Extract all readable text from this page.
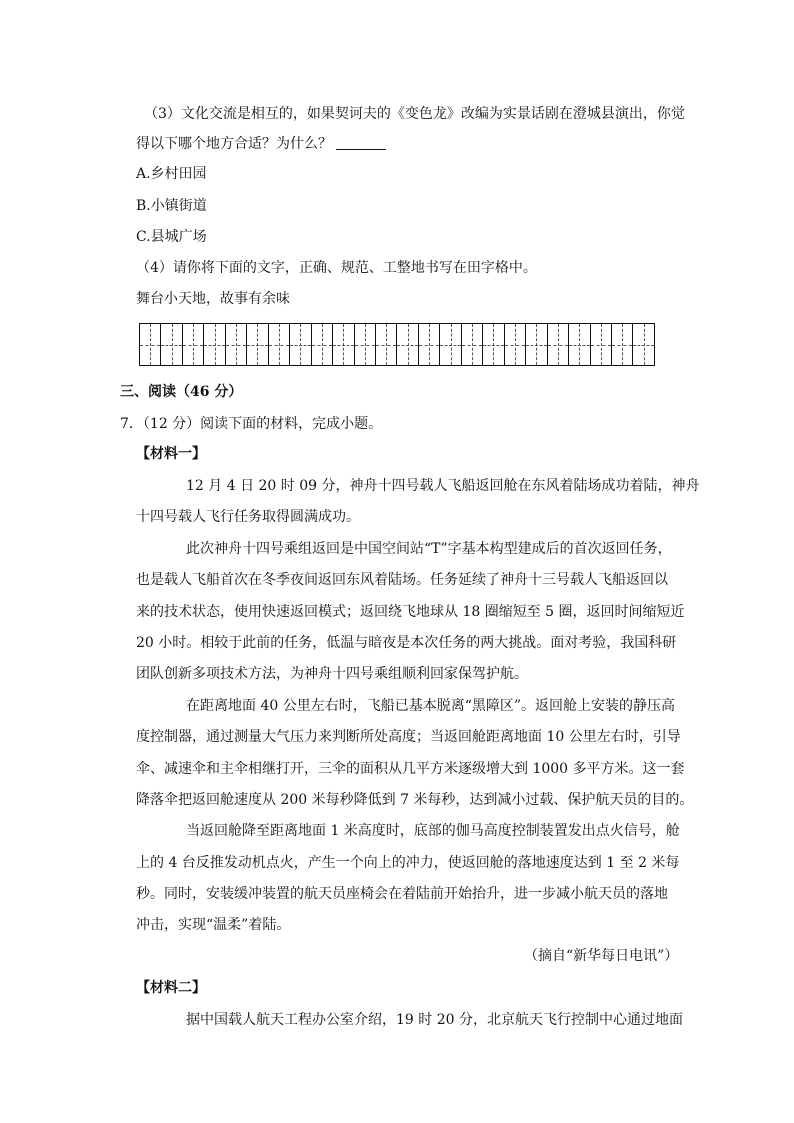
（3）文化交流是相互的，如果契诃夫的《变色龙》改编为实景话剧在澄城县演出，你觉
得以下哪个地方合适？为什么？
A.乡村田园
B.小镇街道
C.县城广场
（4）请你将下面的文字，正确、规范、工整地书写在田字格中。
舞台小天地，故事有余味
三、阅读（46 分）
7．（12 分）阅读下面的材料，完成小题。
【材料一】
12 月 4 日 20 时 09 分，神舟十四号载人飞船返回舱在东风着陆场成功着陆，神舟
十四号载人飞行任务取得圆满成功。
此次神舟十四号乘组返回是中国空间站“T”字基本构型建成后的首次返回任务，
也是载人飞船首次在冬季夜间返回东风着陆场。任务延续了神舟十三号载人飞船返回以
来的技术状态，使用快速返回模式；返回绕飞地球从 18 圈缩短至 5 圈，返回时间缩短近
20 小时。相较于此前的任务，低温与暗夜是本次任务的两大挑战。面对考验，我国科研
团队创新多项技术方法，为神舟十四号乘组顺利回家保驾护航。
在距离地面 40 公里左右时，飞船已基本脱离“黑障区”。返回舱上安装的静压高
度控制器，通过测量大气压力来判断所处高度；当返回舱距离地面 10 公里左右时，引导
伞、减速伞和主伞相继打开，三伞的面积从几平方米逐级增大到 1000 多平方米。这一套
降落伞把返回舱速度从 200 米每秒降低到 7 米每秒，达到减小过载、保护航天员的目的。
当返回舱降至距离地面 1 米高度时，底部的伽马高度控制装置发出点火信号，舱
上的 4 台反推发动机点火，产生一个向上的冲力，使返回舱的落地速度达到 1 至 2 米每
秒。同时，安装缓冲装置的航天员座椅会在着陆前开始抬升，进一步减小航天员的落地
冲击，实现“温柔”着陆。
（摘自“新华每日电讯”）
【材料二】
据中国载人航天工程办公室介绍，19 时 20 分，北京航天飞行控制中心通过地面
